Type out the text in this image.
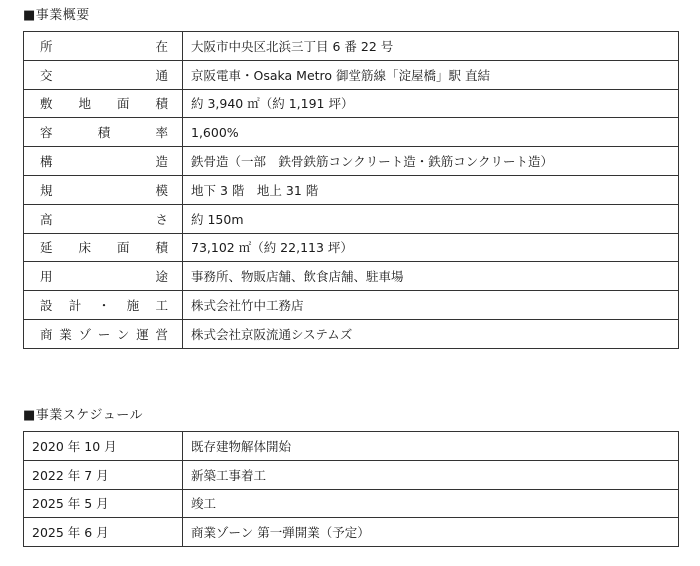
■事業概要
所在	大阪市中央区北浜三丁目 6 番 22 号
交通	京阪電車・Osaka Metro 御堂筋線「淀屋橋」駅 直結
敷地面積	約 3,940 ㎡（約 1,191 坪）
容積率	1,600%
構造	鉄骨造（一部　鉄骨鉄筋コンクリート造・鉄筋コンクリート造）
規模	地下 3 階　地上 31 階
高さ	約 150m
延床面積	73,102 ㎡（約 22,113 坪）
用途	事務所、物販店舗、飲食店舗、駐車場
設計・施工	株式会社竹中工務店
商業ゾーン運営	株式会社京阪流通システムズ
■事業スケジュール
2020 年 10 月	既存建物解体開始
2022 年 7 月	新築工事着工
2025 年 5 月	竣工
2025 年 6 月	商業ゾーン 第一弾開業（予定）
